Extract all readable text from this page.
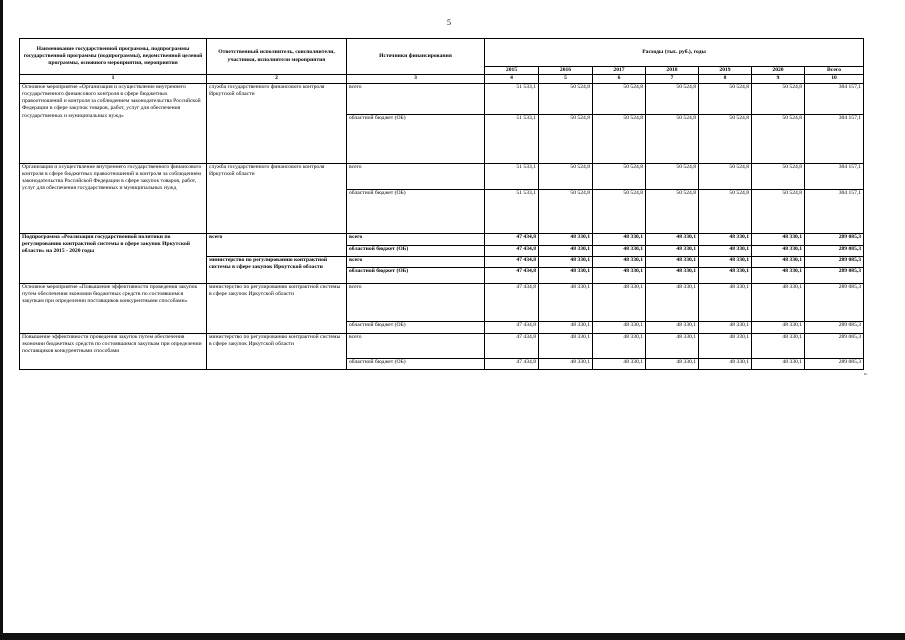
5
Наименование государственной программы, подпрограммы государственной программы (подпрограммы), ведомственной целевой программы, основного мероприятия, мероприятия	Ответственный исполнитель, соисполнители, участники, исполнители мероприятия	Источники финансирования	Расходы (тыс. руб.), годы						
			2015	2016	2017	2018	2019	2020	Всего
1	2	3	4	5	6	7	8	9	10
Основное мероприятие «Организация и осуществление внутреннего государственного финансового контроля в сфере бюджетных правоотношений и контроля за соблюдением законодательства Российской Федерации в сфере закупок товаров, работ, услуг для обеспечения государственных и муниципальных нужд»	служба государственного финансового контроля Иркутской области	всего	51 533,1	50 524,8	50 524,8	50 524,8	50 524,8	50 524,8	304 157,1
		областной бюджет (ОБ)	51 533,1	50 524,8	50 524,8	50 524,8	50 524,8	50 524,8	304 157,1
Организация и осуществление внутреннего государственного финансового контроля в сфере бюджетных правоотношений и контроля за соблюдением законодательства Российской Федерации в сфере закупок товаров, работ, услуг для обеспечения государственных и муниципальных нужд	служба государственного финансового контроля Иркутской области	всего	51 533,1	50 524,8	50 524,8	50 524,8	50 524,8	50 524,8	304 157,1
		областной бюджет (ОБ)	51 533,1	50 524,8	50 524,8	50 524,8	50 524,8	50 524,8	304 157,1
Подпрограмма «Реализация государственной политики по регулированию контрактной системы в сфере закупок Иркутской области» на 2015 - 2020 годы	всего	всего	47 434,8	48 330,1	48 330,1	48 330,1	48 330,1	48 330,1	289 085,3
		областной бюджет (ОБ)	47 434,8	48 330,1	48 330,1	48 330,1	48 330,1	48 330,1	289 085,3
	министерство по регулированию контрактной системы в сфере закупок Иркутской области	всего	47 434,8	48 330,1	48 330,1	48 330,1	48 330,1	48 330,1	289 085,3
		областной бюджет (ОБ)	47 434,8	48 330,1	48 330,1	48 330,1	48 330,1	48 330,1	289 085,3
Основное мероприятие «Повышение эффективности проведения закупок путем обеспечения экономии бюджетных средств по состоявшимся закупкам при определении поставщиков конкурентными способами»	министерство по регулированию контрактной системы в сфере закупок Иркутской области	всего	47 434,8	48 330,1	48 330,1	48 330,1	48 330,1	48 330,1	289 085,3
		областной бюджет (ОБ)	47 434,8	48 330,1	48 330,1	48 330,1	48 330,1	48 330,1	289 085,3
Повышение эффективности проведения закупок путем обеспечения экономии бюджетных средств по состоявшимся закупкам при определении поставщиков конкурентными способами	министерство по регулированию контрактной системы в сфере закупок Иркутской области	всего	47 434,8	48 330,1	48 330,1	48 330,1	48 330,1	48 330,1	289 085,3
		областной бюджет (ОБ)	47 434,8	48 330,1	48 330,1	48 330,1	48 330,1	48 330,1	289 085,3
».
